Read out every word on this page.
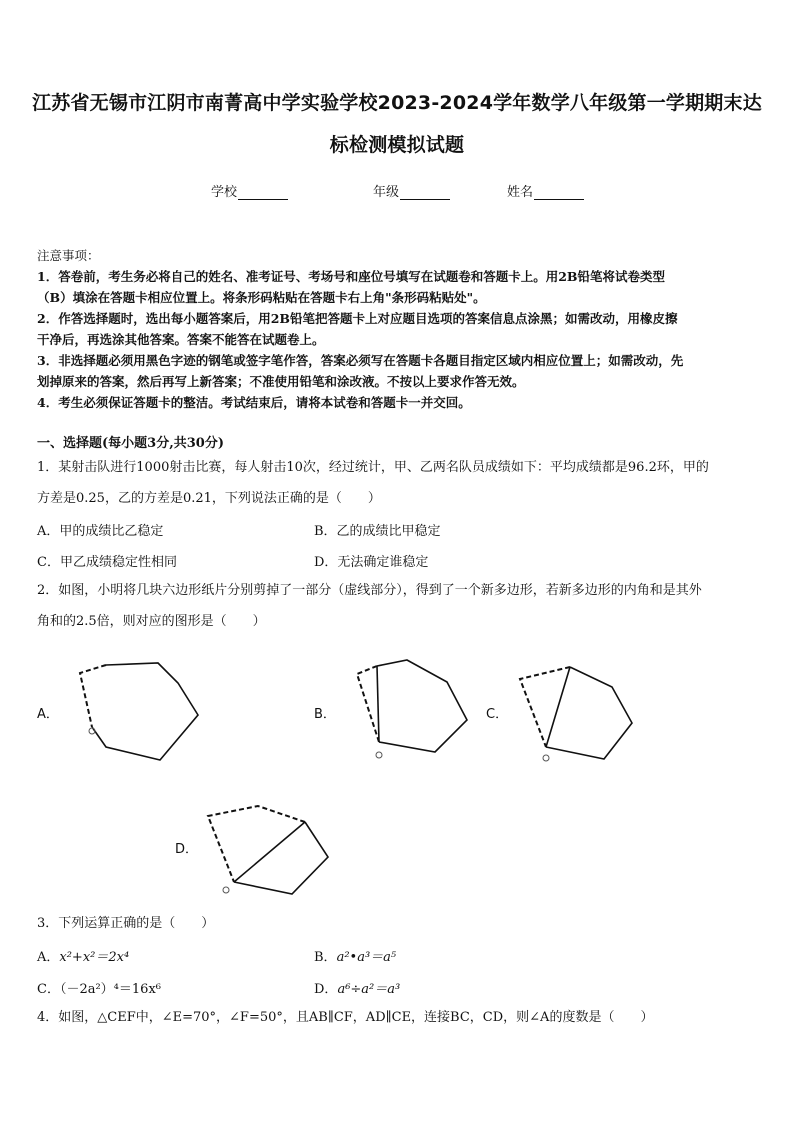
江苏省无锡市江阴市南菁高中学实验学校2023-2024学年数学八年级第一学期期末达
标检测模拟试题
学校	年级	姓名
注意事项：
1．答卷前，考生务必将自己的姓名、准考证号、考场号和座位号填写在试题卷和答题卡上。用2B铅笔将试卷类型
（B）填涂在答题卡相应位置上。将条形码粘贴在答题卡右上角"条形码粘贴处"。
2．作答选择题时，选出每小题答案后，用2B铅笔把答题卡上对应题目选项的答案信息点涂黑；如需改动，用橡皮擦
干净后，再选涂其他答案。答案不能答在试题卷上。
3．非选择题必须用黑色字迹的钢笔或签字笔作答，答案必须写在答题卡各题目指定区域内相应位置上；如需改动，先
划掉原来的答案，然后再写上新答案；不准使用铅笔和涂改液。不按以上要求作答无效。
4．考生必须保证答题卡的整洁。考试结束后，请将本试卷和答题卡一并交回。
一、选择题(每小题3分,共30分)
1．某射击队进行1000射击比赛，每人射击10次，经过统计，甲、乙两名队员成绩如下：平均成绩都是96.2环，甲的
方差是0.25，乙的方差是0.21，下列说法正确的是（　　）
A．甲的成绩比乙稳定	B．乙的成绩比甲稳定
C．甲乙成绩稳定性相同	D．无法确定谁稳定
2．如图，小明将几块六边形纸片分别剪掉了一部分（虚线部分），得到了一个新多边形，若新多边形的内角和是其外
角和的2.5倍，则对应的图形是（　　）
A．	B．	C．
D．
3．下列运算正确的是（　　）
A．x²+x²＝2x⁴	B．a²•a³＝a⁵
C．（－2a²）⁴＝16x⁶	D．a⁶÷a²＝a³
4．如图，△CEF中，∠E=70°，∠F=50°，且AB∥CF，AD∥CE，连接BC，CD，则∠A的度数是（　　）
